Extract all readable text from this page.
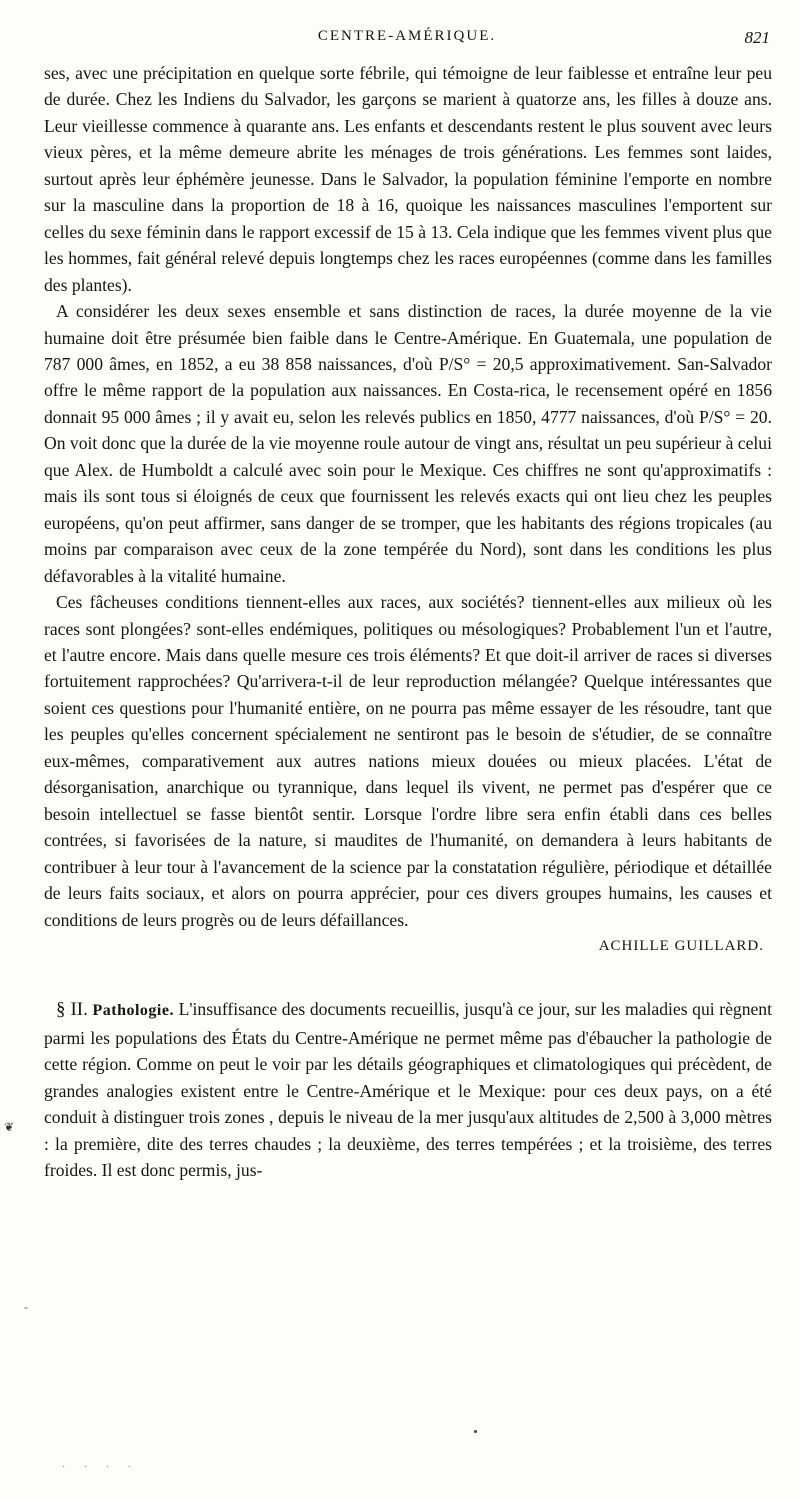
CENTRE-AMÉRIQUE.	821

ses, avec une précipitation en quelque sorte fébrile, qui témoigne de leur faiblesse et entraîne leur peu de durée. Chez les Indiens du Salvador, les garçons se marient à quatorze ans, les filles à douze ans. Leur vieillesse commence à quarante ans. Les enfants et descendants restent le plus souvent avec leurs vieux pères, et la même demeure abrite les ménages de trois générations. Les femmes sont laides, surtout après leur éphémère jeunesse. Dans le Salvador, la population féminine l'emporte en nombre sur la masculine dans la proportion de 18 à 16, quoique les naissances masculines l'emportent sur celles du sexe féminin dans le rapport excessif de 15 à 13. Cela indique que les femmes vivent plus que les hommes, fait général relevé depuis longtemps chez les races européennes (comme dans les familles des plantes).

A considérer les deux sexes ensemble et sans distinction de races, la durée moyenne de la vie humaine doit être présumée bien faible dans le Centre-Amérique. En Guatemala, une population de 787 000 âmes, en 1852, a eu 38 858 naissances, d'où P/S° = 20,5 approximativement. San-Salvador offre le même rapport de la population aux naissances. En Costa-rica, le recensement opéré en 1856 donnait 95 000 âmes ; il y avait eu, selon les relevés publics en 1850, 4777 naissances, d'où P/S° = 20. On voit donc que la durée de la vie moyenne roule autour de vingt ans, résultat un peu supérieur à celui que Alex. de Humboldt a calculé avec soin pour le Mexique. Ces chiffres ne sont qu'approximatifs : mais ils sont tous si éloignés de ceux que fournissent les relevés exacts qui ont lieu chez les peuples européens, qu'on peut affirmer, sans danger de se tromper, que les habitants des régions tropicales (au moins par comparaison avec ceux de la zone tempérée du Nord), sont dans les conditions les plus défavorables à la vitalité humaine.

Ces fâcheuses conditions tiennent-elles aux races, aux sociétés? tiennent-elles aux milieux où les races sont plongées? sont-elles endémiques, politiques ou mésologiques? Probablement l'un et l'autre, et l'autre encore. Mais dans quelle mesure ces trois éléments? Et que doit-il arriver de races si diverses fortuitement rapprochées? Qu'arrivera-t-il de leur reproduction mélangée? Quelque intéressantes que soient ces questions pour l'humanité entière, on ne pourra pas même essayer de les résoudre, tant que les peuples qu'elles concernent spécialement ne sentiront pas le besoin de s'étudier, de se connaître eux-mêmes, comparativement aux autres nations mieux douées ou mieux placées. L'état de désorganisation, anarchique ou tyrannique, dans lequel ils vivent, ne permet pas d'espérer que ce besoin intellectuel se fasse bientôt sentir. Lorsque l'ordre libre sera enfin établi dans ces belles contrées, si favorisées de la nature, si maudites de l'humanité, on demandera à leurs habitants de contribuer à leur tour à l'avancement de la science par la constatation régulière, périodique et détaillée de leurs faits sociaux, et alors on pourra apprécier, pour ces divers groupes humains, les causes et conditions de leurs progrès ou de leurs défaillances.

ACHILLE GUILLARD.

§ II. Pathologie. L'insuffisance des documents recueillis, jusqu'à ce jour, sur les maladies qui règnent parmi les populations des États du Centre-Amérique ne permet même pas d'ébaucher la pathologie de cette région. Comme on peut le voir par les détails géographiques et climatologiques qui précèdent, de grandes analogies existent entre le Centre-Amérique et le Mexique: pour ces deux pays, on a été conduit à distinguer trois zones , depuis le niveau de la mer jusqu'aux altitudes de 2,500 à 3,000 mètres : la première, dite des terres chaudes ; la deuxième, des terres tempérées ; et la troisième, des terres froides. Il est donc permis, jus-

❦
-
· · · ·
